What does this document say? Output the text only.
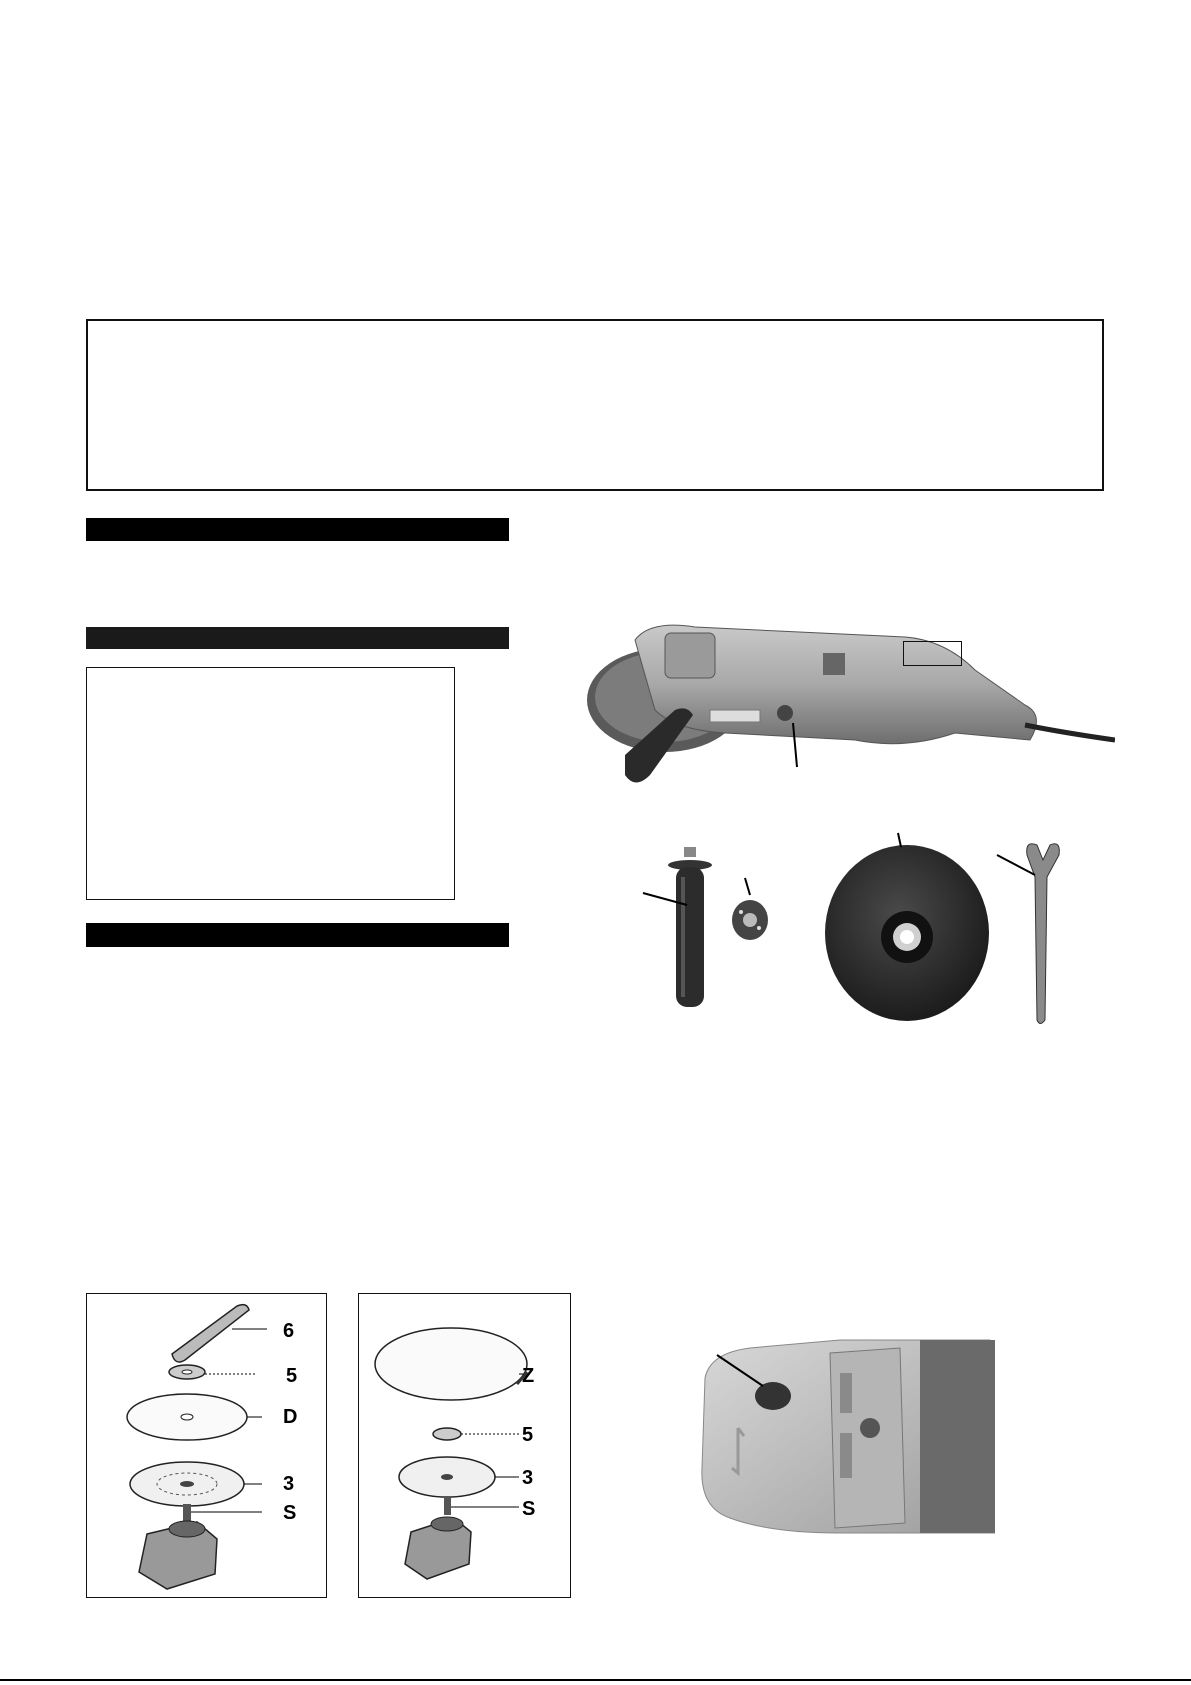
6
5
D
3
S
Z
5
3
S
